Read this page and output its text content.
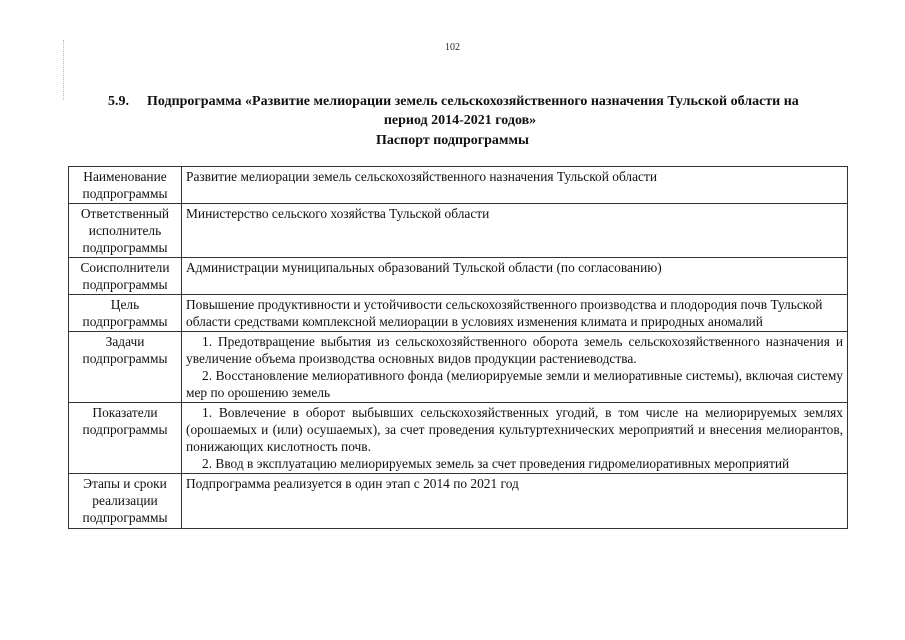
102
5.9. Подпрограмма «Развитие мелиорации земель сельскохозяйственного назначения Тульской области на
период 2014-2021 годов»
Паспорт подпрограммы
Наименование подпрограммы	Развитие мелиорации земель сельскохозяйственного назначения Тульской области
Ответственный исполнитель подпрограммы	Министерство сельского хозяйства Тульской области
Соисполнители подпрограммы	Администрации муниципальных образований Тульской области (по согласованию)
Цель подпрограммы	Повышение продуктивности и устойчивости сельскохозяйственного производства и плодородия почв Тульской области средствами комплексной мелиорации в условиях изменения климата и природных аномалий
Задачи подпрограммы	1. Предотвращение выбытия из сельскохозяйственного оборота земель сельскохозяйственного назначения и увеличение объема производства основных видов продукции растениеводства.

2. Восстановление мелиоративного фонда (мелиорируемые земли и мелиоративные системы), включая систему мер по орошению земель

Показатели подпрограммы	1. Вовлечение в оборот выбывших сельскохозяйственных угодий, в том числе на мелиорируемых землях (орошаемых и (или) осушаемых), за счет проведения культуртехнических мероприятий и внесения мелиорантов, понижающих кислотность почв.

2. Ввод в эксплуатацию мелиорируемых земель за счет проведения гидромелиоративных мероприятий

Этапы и сроки реализации подпрограммы	Подпрограмма реализуется в один этап с 2014 по 2021 год
